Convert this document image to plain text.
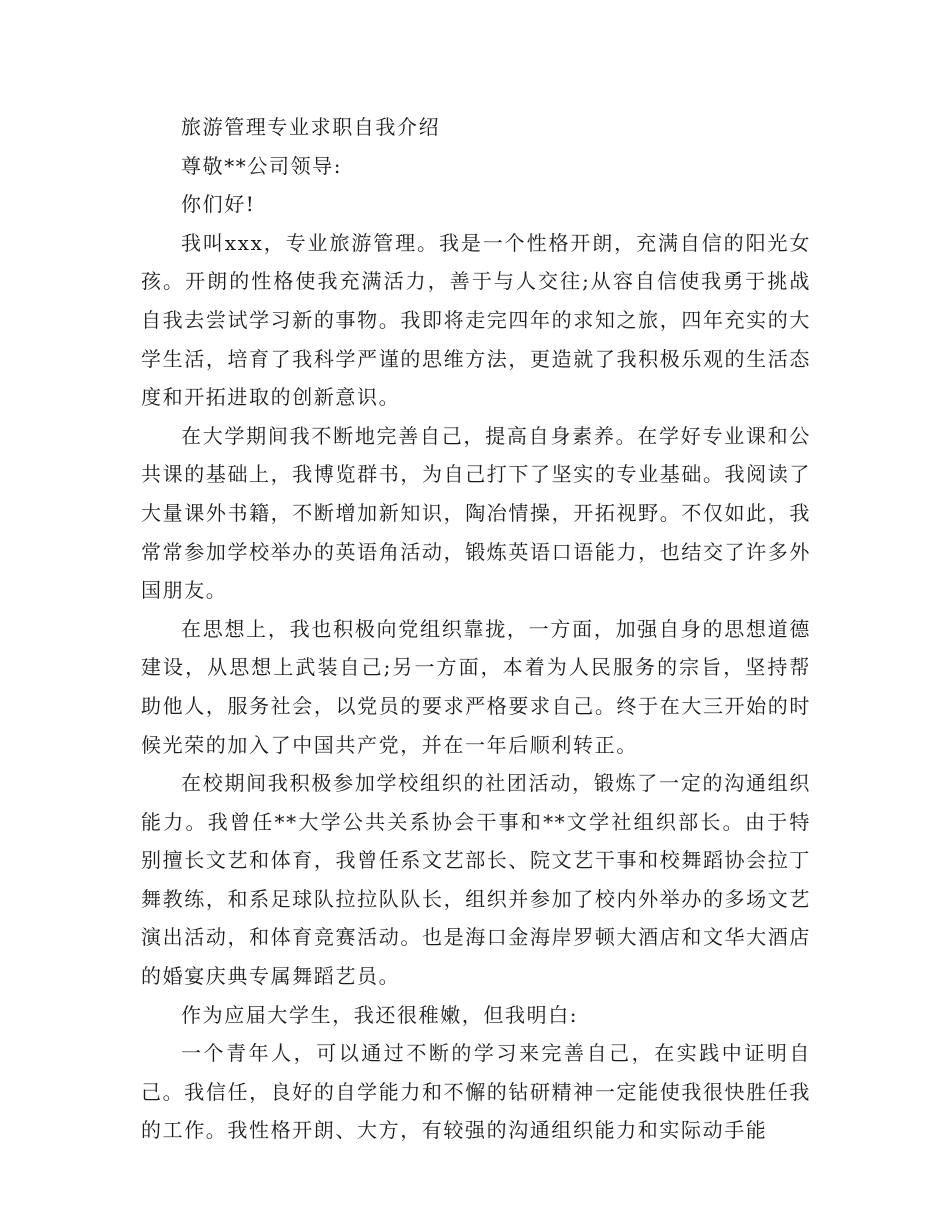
旅游管理专业求职自我介绍

尊敬**公司领导:

你们好!

我叫xxx，专业旅游管理。我是一个性格开朗，充满自信的阳光女孩。开朗的性格使我充满活力，善于与人交往;从容自信使我勇于挑战自我去尝试学习新的事物。我即将走完四年的求知之旅，四年充实的大学生活，培育了我科学严谨的思维方法，更造就了我积极乐观的生活态度和开拓进取的创新意识。

在大学期间我不断地完善自己，提高自身素养。在学好专业课和公共课的基础上，我博览群书，为自己打下了坚实的专业基础。我阅读了大量课外书籍，不断增加新知识，陶冶情操，开拓视野。不仅如此，我常常参加学校举办的英语角活动，锻炼英语口语能力，也结交了许多外国朋友。

在思想上，我也积极向党组织靠拢，一方面，加强自身的思想道德建设，从思想上武装自己;另一方面，本着为人民服务的宗旨，坚持帮助他人，服务社会，以党员的要求严格要求自己。终于在大三开始的时候光荣的加入了中国共产党，并在一年后顺利转正。

在校期间我积极参加学校组织的社团活动，锻炼了一定的沟通组织能力。我曾任**大学公共关系协会干事和**文学社组织部长。由于特别擅长文艺和体育，我曾任系文艺部长、院文艺干事和校舞蹈协会拉丁舞教练，和系足球队拉拉队队长，组织并参加了校内外举办的多场文艺演出活动，和体育竞赛活动。也是海口金海岸罗顿大酒店和文华大酒店的婚宴庆典专属舞蹈艺员。

作为应届大学生，我还很稚嫩，但我明白:

一个青年人，可以通过不断的学习来完善自己，在实践中证明自己。我信任，良好的自学能力和不懈的钻研精神一定能使我很快胜任我的工作。我性格开朗、大方，有较强的沟通组织能力和实际动手能
